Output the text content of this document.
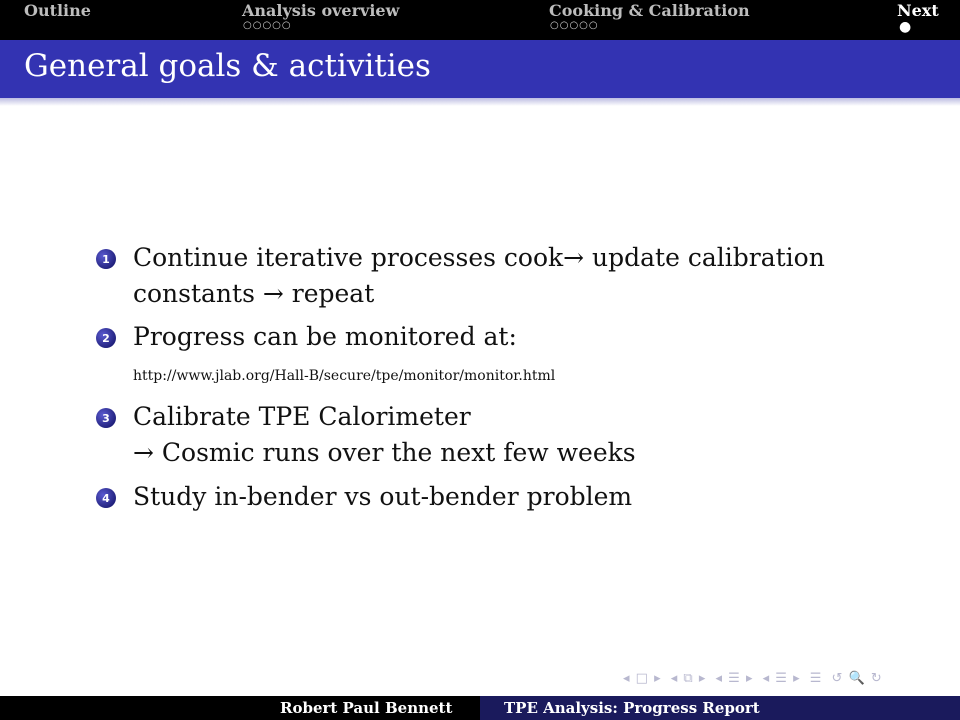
Outline	Analysis overview
○○○○○
Cooking & Calibration
○○○○○
Next
●
General goals & activities
1 Continue iterative processes cook→ update calibration
constants → repeat
2 Progress can be monitored at:
http://www.jlab.org/Hall-B/secure/tpe/monitor/monitor.html
3 Calibrate TPE Calorimeter
→ Cosmic runs over the next few weeks
4 Study in-bender vs out-bender problem
◂ □ ▸ ◂ ⧉ ▸ ◂ ☰ ▸ ◂ ☰ ▸ ☰ ↺ 🔍 ↻
Robert Paul Bennett	TPE Analysis: Progress Report
